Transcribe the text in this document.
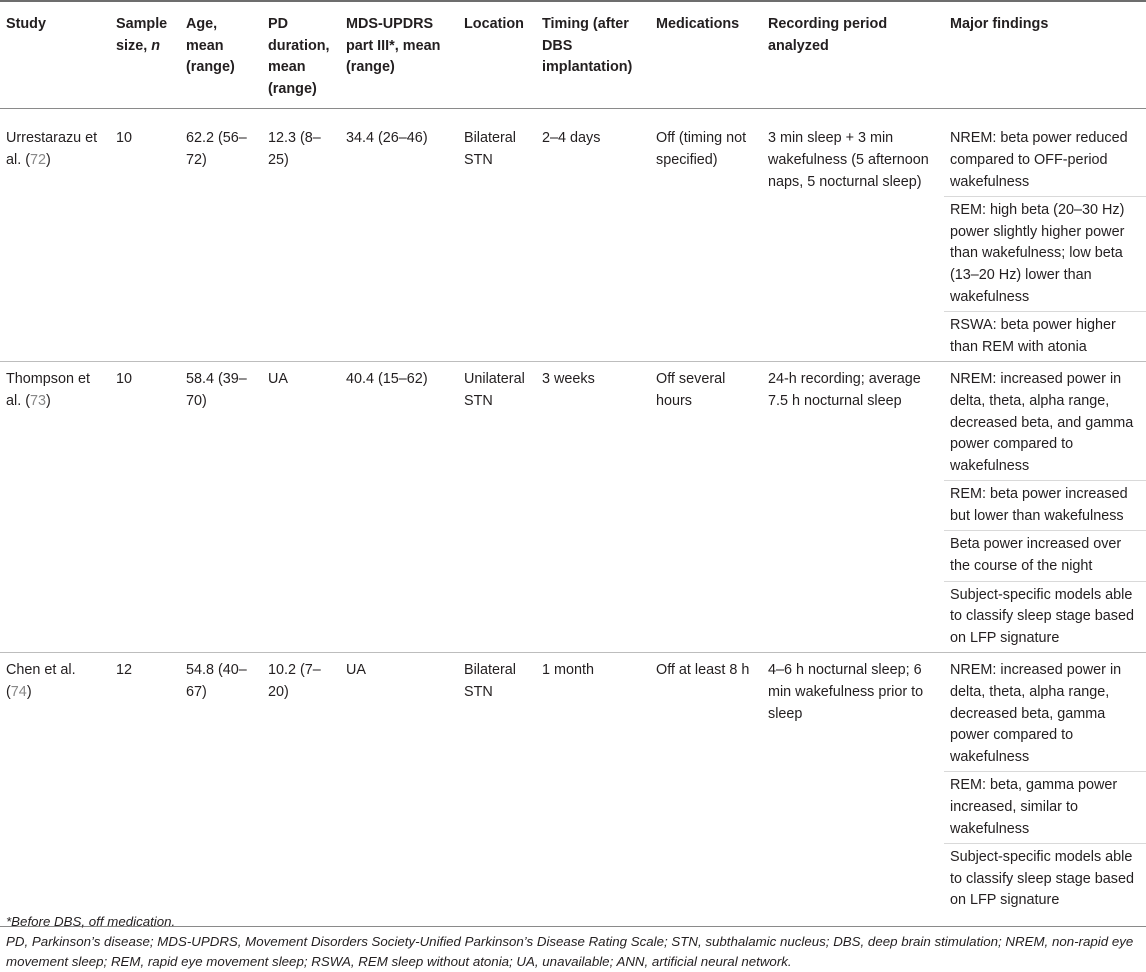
Study	Sample size, n	Age, mean (range)	PD duration, mean (range)	MDS-UPDRS part III*, mean (range)	Location	Timing (after DBS implantation)	Medications	Recording period analyzed	Major findings
Urrestarazu et al. (72)	10	62.2 (56–72)	12.3 (8–25)	34.4 (26–46)	Bilateral STN	2–4 days	Off (timing not specified)	3 min sleep + 3 min wakefulness (5 afternoon naps, 5 nocturnal sleep)	NREM: beta power reduced compared to OFF-period wakefulness
REM: high beta (20–30 Hz) power slightly higher power than wakefulness; low beta (13–20 Hz) lower than wakefulness
RSWA: beta power higher than REM with atonia

Thompson et al. (73)	10	58.4 (39–70)	UA	40.4 (15–62)	Unilateral STN	3 weeks	Off several hours	24-h recording; average 7.5 h nocturnal sleep	NREM: increased power in delta, theta, alpha range, decreased beta, and gamma power compared to wakefulness
REM: beta power increased but lower than wakefulness
Beta power increased over the course of the night
Subject-specific models able to classify sleep stage based on LFP signature

Chen et al. (74)	12	54.8 (40–67)	10.2 (7–20)	UA	Bilateral STN	1 month	Off at least 8 h	4–6 h nocturnal sleep; 6 min wakefulness prior to sleep	NREM: increased power in delta, theta, alpha range, decreased beta, gamma power compared to wakefulness
REM: beta, gamma power increased, similar to wakefulness
Subject-specific models able to classify sleep stage based on LFP signature

*Before DBS, off medication.

PD, Parkinson’s disease; MDS-UPDRS, Movement Disorders Society-Unified Parkinson’s Disease Rating Scale; STN, subthalamic nucleus; DBS, deep brain stimulation; NREM, non-rapid eye movement sleep; REM, rapid eye movement sleep; RSWA, REM sleep without atonia; UA, unavailable; ANN, artificial neural network.
